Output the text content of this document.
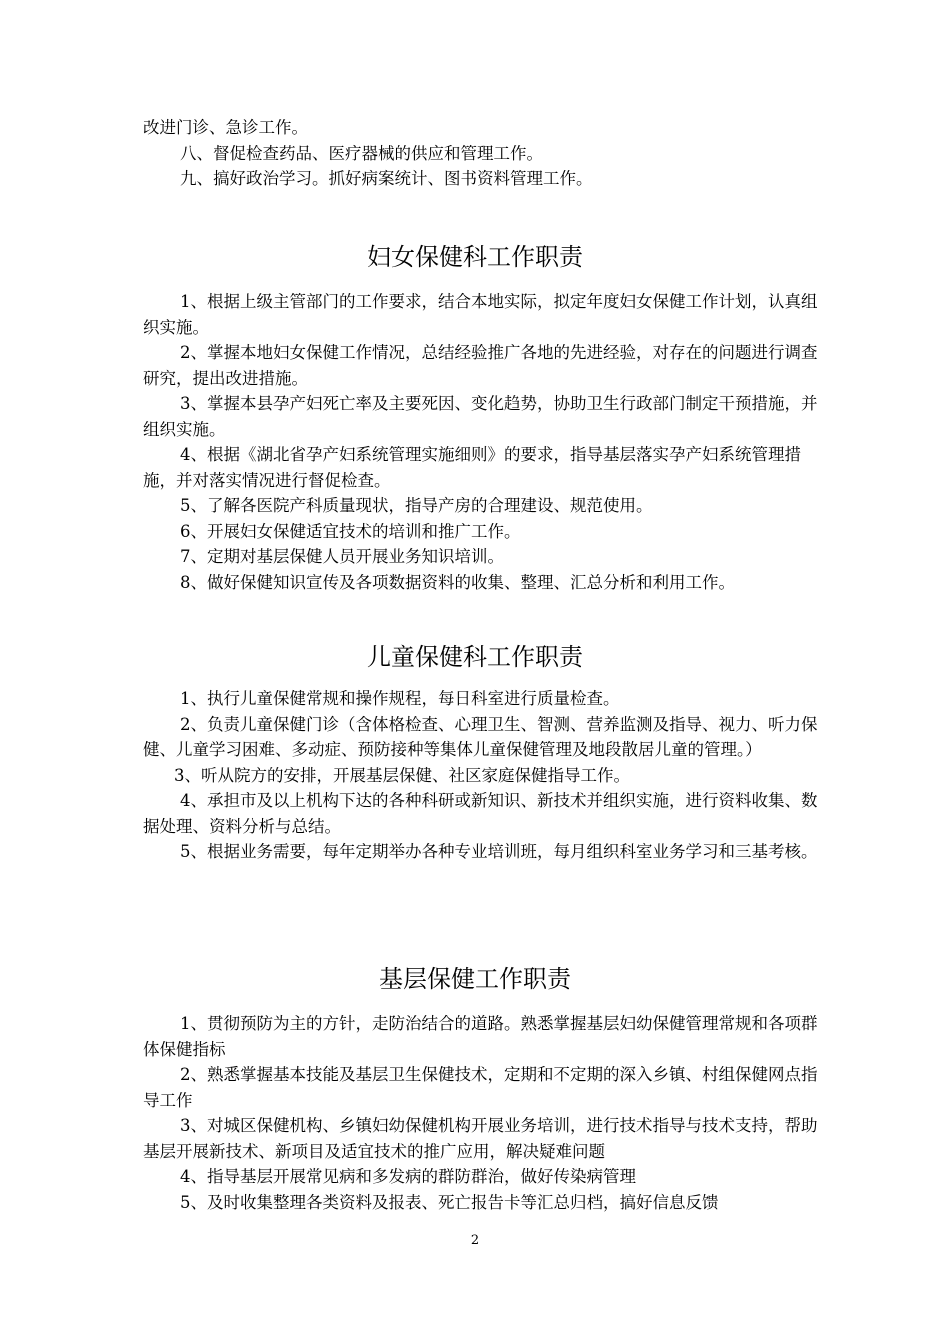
改进门诊、急诊工作。

八、督促检查药品、医疗器械的供应和管理工作。

九、搞好政治学习。抓好病案统计、图书资料管理工作。

妇女保健科工作职责

1、根据上级主管部门的工作要求，结合本地实际，拟定年度妇女保健工作计划，认真组织实施。

2、掌握本地妇女保健工作情况，总结经验推广各地的先进经验，对存在的问题进行调查研究，提出改进措施。

3、掌握本县孕产妇死亡率及主要死因、变化趋势，协助卫生行政部门制定干预措施，并组织实施。

4、根据《湖北省孕产妇系统管理实施细则》的要求，指导基层落实孕产妇系统管理措施，并对落实情况进行督促检查。

5、了解各医院产科质量现状，指导产房的合理建设、规范使用。

6、开展妇女保健适宜技术的培训和推广工作。

7、定期对基层保健人员开展业务知识培训。

8、做好保健知识宣传及各项数据资料的收集、整理、汇总分析和利用工作。

儿童保健科工作职责

1、执行儿童保健常规和操作规程，每日科室进行质量检查。

2、负责儿童保健门诊（含体格检查、心理卫生、智测、营养监测及指导、视力、听力保健、儿童学习困难、多动症、预防接种等集体儿童保健管理及地段散居儿童的管理。）

3、听从院方的安排，开展基层保健、社区家庭保健指导工作。

4、承担市及以上机构下达的各种科研或新知识、新技术并组织实施，进行资料收集、数据处理、资料分析与总结。

5、根据业务需要，每年定期举办各种专业培训班，每月组织科室业务学习和三基考核。

基层保健工作职责

1、贯彻预防为主的方针，走防治结合的道路。熟悉掌握基层妇幼保健管理常规和各项群体保健指标

2、熟悉掌握基本技能及基层卫生保健技术，定期和不定期的深入乡镇、村组保健网点指导工作

3、对城区保健机构、乡镇妇幼保健机构开展业务培训，进行技术指导与技术支持，帮助基层开展新技术、新项目及适宜技术的推广应用，解决疑难问题

4、指导基层开展常见病和多发病的群防群治，做好传染病管理

5、及时收集整理各类资料及报表、死亡报告卡等汇总归档，搞好信息反馈

2
